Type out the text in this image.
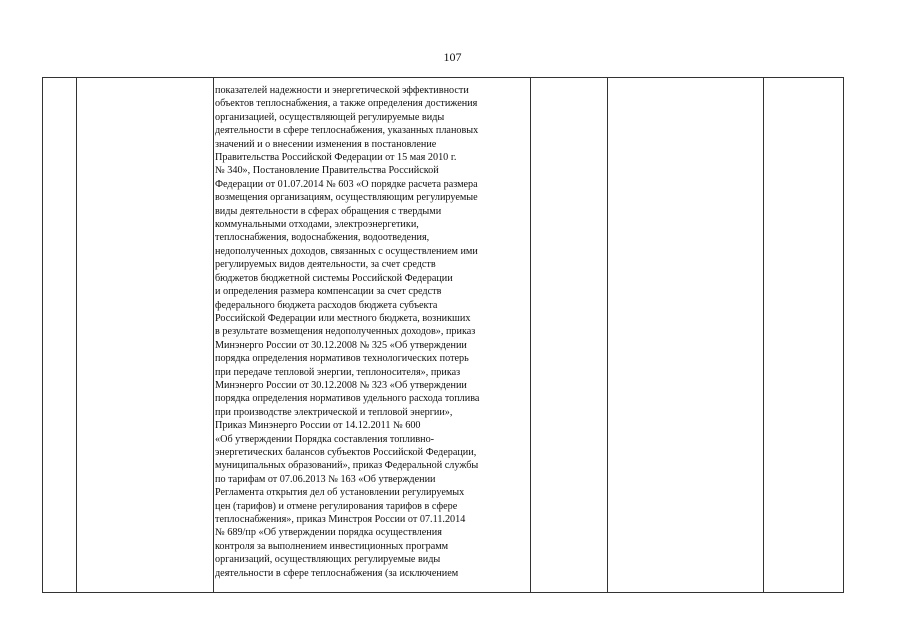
107
показателей надежности и энергетической эффективности
объектов теплоснабжения, а также определения достижения
организацией, осуществляющей регулируемые виды
деятельности в сфере теплоснабжения, указанных плановых
значений и о внесении изменения в постановление
Правительства Российской Федерации от 15 мая 2010 г.
№ 340», Постановление Правительства Российской
Федерации от 01.07.2014 № 603 «О порядке расчета размера
возмещения организациям, осуществляющим регулируемые
виды деятельности в сферах обращения с твердыми
коммунальными отходами, электроэнергетики,
теплоснабжения, водоснабжения, водоотведения,
недополученных доходов, связанных с осуществлением ими
регулируемых видов деятельности, за счет средств
бюджетов бюджетной системы Российской Федерации
и определения размера компенсации за счет средств
федерального бюджета расходов бюджета субъекта
Российской Федерации или местного бюджета, возникших
в результате возмещения недополученных доходов», приказ
Минэнерго России от 30.12.2008 № 325 «Об утверждении
порядка определения нормативов технологических потерь
при передаче тепловой энергии, теплоносителя», приказ
Минэнерго России от 30.12.2008 № 323 «Об утверждении
порядка определения нормативов удельного расхода топлива
при производстве электрической и тепловой энергии»,
Приказ Минэнерго России от 14.12.2011 № 600
«Об утверждении Порядка составления топливно-
энергетических балансов субъектов Российской Федерации,
муниципальных образований», приказ Федеральной службы
по тарифам от 07.06.2013 № 163 «Об утверждении
Регламента открытия дел об установлении регулируемых
цен (тарифов) и отмене регулирования тарифов в сфере
теплоснабжения», приказ Минстроя России от 07.11.2014
№ 689/пр «Об утверждении порядка осуществления
контроля за выполнением инвестиционных программ
организаций, осуществляющих регулируемые виды
деятельности в сфере теплоснабжения (за исключением
